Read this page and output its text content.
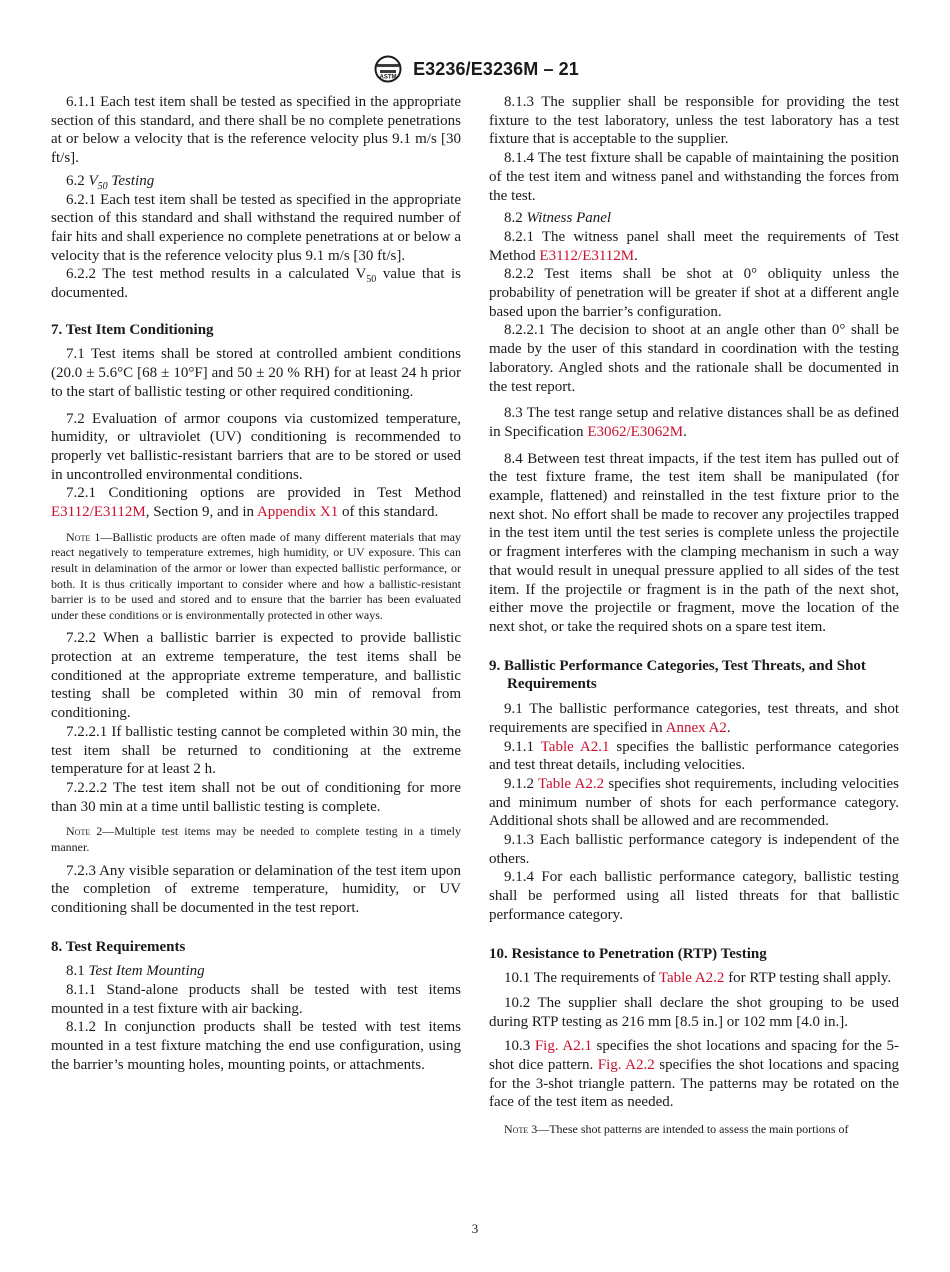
ASTM E3236/E3236M – 21

6.1.1 Each test item shall be tested as specified in the appropriate section of this standard, and there shall be no complete penetrations at or below a velocity that is the reference velocity plus 9.1 m/s [30 ft/s].

6.2 $V_{50}$ Testing

6.2.1 Each test item shall be tested as specified in the appropriate section of this standard and shall withstand the required number of fair hits and shall experience no complete penetrations at or below a velocity that is the reference velocity plus 9.1 m/s [30 ft/s].

6.2.2 The test method results in a calculated $V_{50}$ value that is documented.

7. Test Item Conditioning

7.1 Test items shall be stored at controlled ambient conditions (20.0 ± 5.6°C [68 ± 10°F] and 50 ± 20 % RH) for at least 24 h prior to the start of ballistic testing or other required conditioning.

7.2 Evaluation of armor coupons via customized temperature, humidity, or ultraviolet (UV) conditioning is recommended to properly vet ballistic-resistant barriers that are to be stored or used in uncontrolled environmental conditions.

7.2.1 Conditioning options are provided in Test Method E3112/E3112M, Section 9, and in Appendix X1 of this standard.

Note 1—Ballistic products are often made of many different materials that may react negatively to temperature extremes, high humidity, or UV exposure. This can result in delamination of the armor or lower than expected ballistic performance, or both. It is thus critically important to consider where and how a ballistic-resistant barrier is to be used and stored and to ensure that the barrier has been evaluated under these conditions or is environmentally protected in other ways.

7.2.2 When a ballistic barrier is expected to provide ballistic protection at an extreme temperature, the test items shall be conditioned at the appropriate extreme temperature, and ballistic testing shall be completed within 30 min of removal from conditioning.

7.2.2.1 If ballistic testing cannot be completed within 30 min, the test item shall be returned to conditioning at the extreme temperature for at least 2 h.

7.2.2.2 The test item shall not be out of conditioning for more than 30 min at a time until ballistic testing is complete.

Note 2—Multiple test items may be needed to complete testing in a timely manner.

7.2.3 Any visible separation or delamination of the test item upon the completion of extreme temperature, humidity, or UV conditioning shall be documented in the test report.

8. Test Requirements

8.1 Test Item Mounting

8.1.1 Stand-alone products shall be tested with test items mounted in a test fixture with air backing.

8.1.2 In conjunction products shall be tested with test items mounted in a test fixture matching the end use configuration, using the barrier’s mounting holes, mounting points, or attachments.

8.1.3 The supplier shall be responsible for providing the test fixture to the test laboratory, unless the test laboratory has a test fixture that is acceptable to the supplier.

8.1.4 The test fixture shall be capable of maintaining the position of the test item and witness panel and withstanding the forces from the test.

8.2 Witness Panel

8.2.1 The witness panel shall meet the requirements of Test Method E3112/E3112M.

8.2.2 Test items shall be shot at 0° obliquity unless the probability of penetration will be greater if shot at a different angle based upon the barrier’s configuration.

8.2.2.1 The decision to shoot at an angle other than 0° shall be made by the user of this standard in coordination with the testing laboratory. Angled shots and the rationale shall be documented in the test report.

8.3 The test range setup and relative distances shall be as defined in Specification E3062/E3062M.

8.4 Between test threat impacts, if the test item has pulled out of the test fixture frame, the test item shall be manipulated (for example, flattened) and reinstalled in the test fixture prior to the next shot. No effort shall be made to recover any projectiles trapped in the test item until the test series is complete unless the projectile or fragment interferes with the clamping mechanism in such a way that would result in unequal pressure applied to all sides of the test item. If the projectile or fragment is in the path of the next shot, either move the projectile or fragment, move the location of the next shot, or take the required shots on a spare test item.

9. Ballistic Performance Categories, Test Threats, and Shot Requirements

9.1 The ballistic performance categories, test threats, and shot requirements are specified in Annex A2.

9.1.1 Table A2.1 specifies the ballistic performance categories and test threat details, including velocities.

9.1.2 Table A2.2 specifies shot requirements, including velocities and minimum number of shots for each performance category. Additional shots shall be allowed and are recommended.

9.1.3 Each ballistic performance category is independent of the others.

9.1.4 For each ballistic performance category, ballistic testing shall be performed using all listed threats for that ballistic performance category.

10. Resistance to Penetration (RTP) Testing

10.1 The requirements of Table A2.2 for RTP testing shall apply.

10.2 The supplier shall declare the shot grouping to be used during RTP testing as 216 mm [8.5 in.] or 102 mm [4.0 in.].

10.3 Fig. A2.1 specifies the shot locations and spacing for the 5-shot dice pattern. Fig. A2.2 specifies the shot locations and spacing for the 3-shot triangle pattern. The patterns may be rotated on the face of the test item as needed.

Note 3—These shot patterns are intended to assess the main portions of
3
